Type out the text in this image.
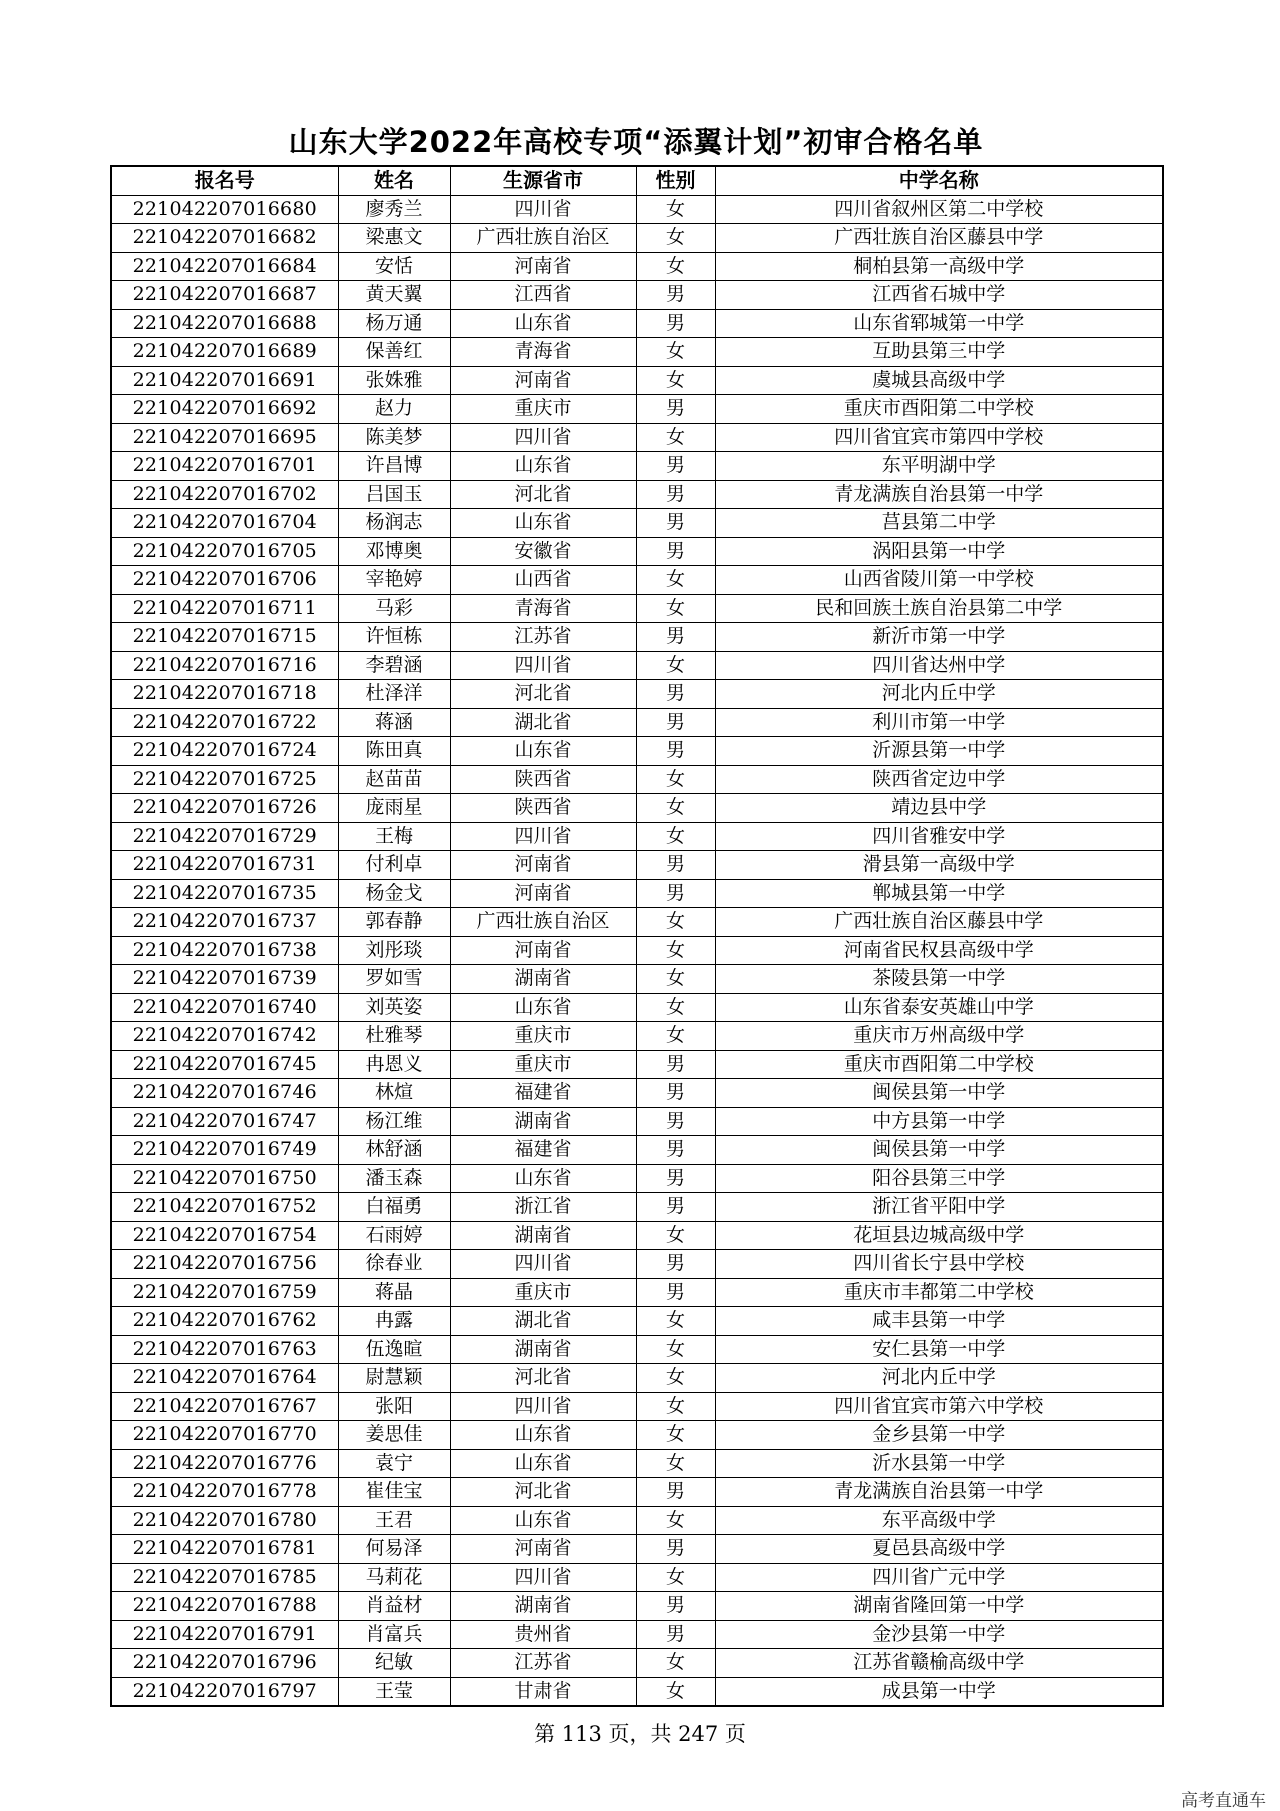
山东大学2022年高校专项“添翼计划”初审合格名单
报名号	姓名	生源省市	性别	中学名称
221042207016680	廖秀兰	四川省	女	四川省叙州区第二中学校
221042207016682	梁惠文	广西壮族自治区	女	广西壮族自治区藤县中学
221042207016684	安恬	河南省	女	桐柏县第一高级中学
221042207016687	黄天翼	江西省	男	江西省石城中学
221042207016688	杨万通	山东省	男	山东省郓城第一中学
221042207016689	保善红	青海省	女	互助县第三中学
221042207016691	张姝雅	河南省	女	虞城县高级中学
221042207016692	赵力	重庆市	男	重庆市酉阳第二中学校
221042207016695	陈美梦	四川省	女	四川省宜宾市第四中学校
221042207016701	许昌博	山东省	男	东平明湖中学
221042207016702	吕国玉	河北省	男	青龙满族自治县第一中学
221042207016704	杨润志	山东省	男	莒县第二中学
221042207016705	邓博奥	安徽省	男	涡阳县第一中学
221042207016706	宰艳婷	山西省	女	山西省陵川第一中学校
221042207016711	马彩	青海省	女	民和回族土族自治县第二中学
221042207016715	许恒栋	江苏省	男	新沂市第一中学
221042207016716	李碧涵	四川省	女	四川省达州中学
221042207016718	杜泽洋	河北省	男	河北内丘中学
221042207016722	蒋涵	湖北省	男	利川市第一中学
221042207016724	陈田真	山东省	男	沂源县第一中学
221042207016725	赵苗苗	陕西省	女	陕西省定边中学
221042207016726	庞雨星	陕西省	女	靖边县中学
221042207016729	王梅	四川省	女	四川省雅安中学
221042207016731	付利卓	河南省	男	滑县第一高级中学
221042207016735	杨金戈	河南省	男	郸城县第一中学
221042207016737	郭春静	广西壮族自治区	女	广西壮族自治区藤县中学
221042207016738	刘彤琰	河南省	女	河南省民权县高级中学
221042207016739	罗如雪	湖南省	女	茶陵县第一中学
221042207016740	刘英姿	山东省	女	山东省泰安英雄山中学
221042207016742	杜雅琴	重庆市	女	重庆市万州高级中学
221042207016745	冉恩义	重庆市	男	重庆市酉阳第二中学校
221042207016746	林煊	福建省	男	闽侯县第一中学
221042207016747	杨江维	湖南省	男	中方县第一中学
221042207016749	林舒涵	福建省	男	闽侯县第一中学
221042207016750	潘玉森	山东省	男	阳谷县第三中学
221042207016752	白福勇	浙江省	男	浙江省平阳中学
221042207016754	石雨婷	湖南省	女	花垣县边城高级中学
221042207016756	徐春业	四川省	男	四川省长宁县中学校
221042207016759	蒋晶	重庆市	男	重庆市丰都第二中学校
221042207016762	冉露	湖北省	女	咸丰县第一中学
221042207016763	伍逸暄	湖南省	女	安仁县第一中学
221042207016764	尉慧颖	河北省	女	河北内丘中学
221042207016767	张阳	四川省	女	四川省宜宾市第六中学校
221042207016770	姜思佳	山东省	女	金乡县第一中学
221042207016776	袁宁	山东省	女	沂水县第一中学
221042207016778	崔佳宝	河北省	男	青龙满族自治县第一中学
221042207016780	王君	山东省	女	东平高级中学
221042207016781	何易泽	河南省	男	夏邑县高级中学
221042207016785	马莉花	四川省	女	四川省广元中学
221042207016788	肖益材	湖南省	男	湖南省隆回第一中学
221042207016791	肖富兵	贵州省	男	金沙县第一中学
221042207016796	纪敏	江苏省	女	江苏省赣榆高级中学
221042207016797	王莹	甘肃省	女	成县第一中学
第 113 页，共 247 页
高考直通车
